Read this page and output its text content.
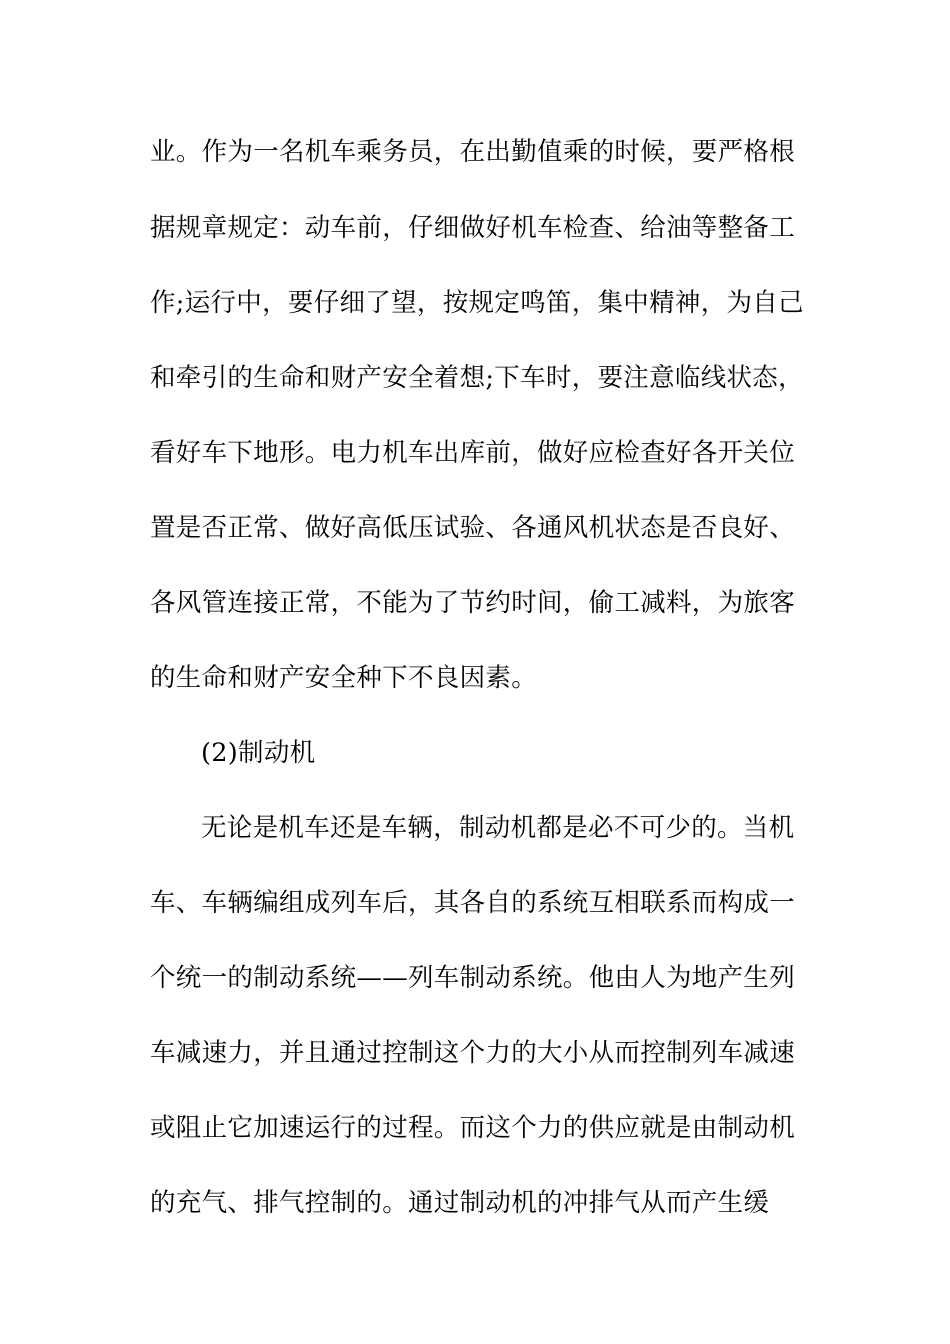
业。作为一名机车乘务员，在出勤值乘的时候，要严格根
据规章规定：动车前，仔细做好机车检查、给油等整备工
作;运行中，要仔细了望，按规定鸣笛，集中精神，为自己
和牵引的生命和财产安全着想;下车时，要注意临线状态，
看好车下地形。电力机车出库前，做好应检查好各开关位
置是否正常、做好高低压试验、各通风机状态是否良好、
各风管连接正常，不能为了节约时间，偷工减料，为旅客
的生命和财产安全种下不良因素。
(2)制动机
无论是机车还是车辆，制动机都是必不可少的。当机
车、车辆编组成列车后，其各自的系统互相联系而构成一
个统一的制动系统——列车制动系统。他由人为地产生列
车减速力，并且通过控制这个力的大小从而控制列车减速
或阻止它加速运行的过程。而这个力的供应就是由制动机
的充气、排气控制的。通过制动机的冲排气从而产生缓
